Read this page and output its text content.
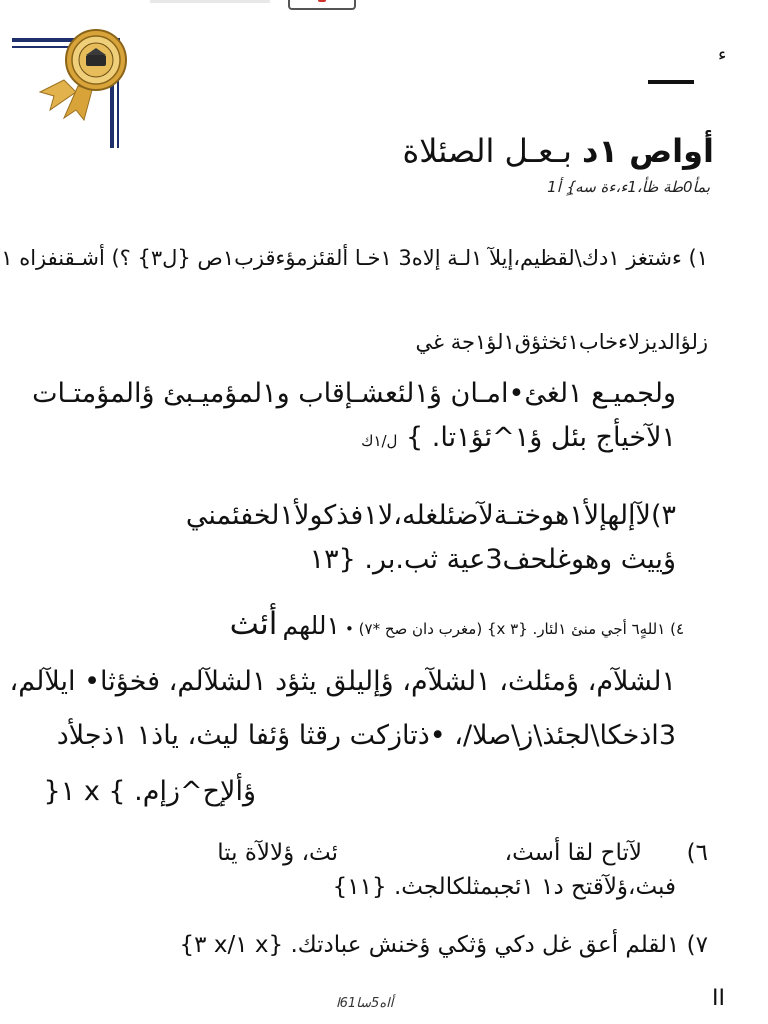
ء
أواص ١د بـعـل الصئلاة
بمأ0طة ظأ،1ء،ءة سه}ٍ أ1
١) ءشتغز ١دك\لقظيم،إيلآ ١لـة إلاه3 ١خـا ألقئزمؤءقزب١ص {ل٣} ؟) أشـقنفزاه ١
زلؤالديزلاءخاب١ئخثؤق١لؤ١جة غي
ولجميـع ١لغئ•امـان ؤ١لئعشـإقاب و١لمؤميـبئ ؤالمؤمتـات
١لآخيأج بئل ؤ١^ئؤ١تا. } ل/١ك
٣)لآإلهإلأ١هوختـةلآضئلغله،لا١فذكولأ١لخفئمني
ؤييث وهوغلحف3عية ثب.بر. {١٣
٤) ١للهٍ٦ أجي منئ ١لئار. {٣ x} (مغرب دان صح *٧) • ١للهم أئث
١لشلآم، ؤمئلث، ١لشلآم، ؤإليلق يثؤد ١لشلآلم، فخؤثا• ايلآلم،
3اذخكا\لجئذ\ز\صلا/، •ذتازكت رقثا ؤئفا ليث، ياذ١ ١ذجلأد
ؤألإح^زإم. } x ١{
٦)
لآتاح لقا أسث،
ئث، ؤلالآة يتا
فبث،ؤلآقتح د١ ١ئجبمثلكالجث. {١١}
٧) ١لقلم أعق غل دكي ؤثكي ؤخنش عبادتك. {x ١/x ٣}
أاه5سا61ا	II
